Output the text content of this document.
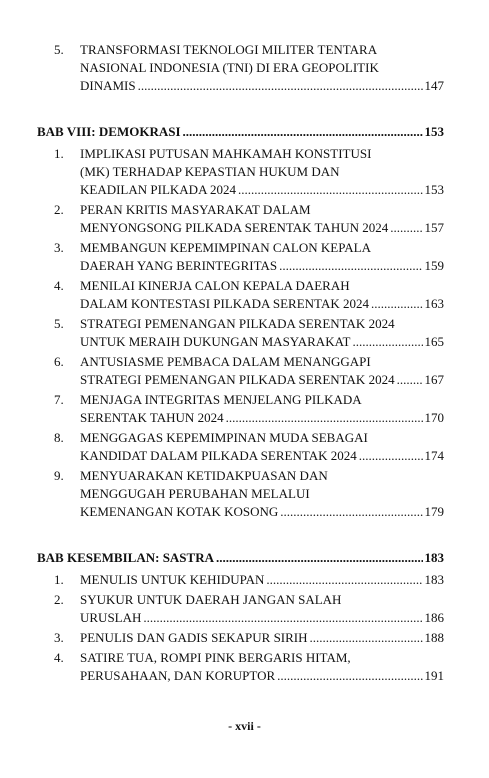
5. TRANSFORMASI TEKNOLOGI MILITER TENTARA
NASIONAL INDONESIA (TNI) DI ERA GEOPOLITIK
DINAMIS .....	147
BAB VIII: DEMOKRASI .....	153
1. IMPLIKASI PUTUSAN MAHKAMAH KONSTITUSI
(MK) TERHADAP KEPASTIAN HUKUM DAN
KEADILAN PILKADA 2024 .....	153
2. PERAN KRITIS MASYARAKAT DALAM
MENYONGSONG PILKADA SERENTAK TAHUN 2024 .....	157
3. MEMBANGUN KEPEMIMPINAN CALON KEPALA
DAERAH YANG BERINTEGRITAS .....	159
4. MENILAI KINERJA CALON KEPALA DAERAH
DALAM KONTESTASI PILKADA SERENTAK 2024 .....	163
5. STRATEGI PEMENANGAN PILKADA SERENTAK 2024
UNTUK MERAIH DUKUNGAN MASYARAKAT .....	165
6. ANTUSIASME PEMBACA DALAM MENANGGAPI
STRATEGI PEMENANGAN PILKADA SERENTAK 2024 ..... 167
7. MENJAGA INTEGRITAS MENJELANG PILKADA
SERENTAK TAHUN 2024 .....	170
8. MENGGAGAS KEPEMIMPINAN MUDA SEBAGAI
KANDIDAT DALAM PILKADA SERENTAK 2024 .....	174
9. MENYUARAKAN KETIDAKPUASAN DAN
MENGGUGAH PERUBAHAN MELALUI
KEMENANGAN KOTAK KOSONG .....	179
BAB KESEMBILAN: SASTRA .....	183
1. MENULIS UNTUK KEHIDUPAN .....	183
2. SYUKUR UNTUK DAERAH JANGAN SALAH
URUSLAH .....	186
3. PENULIS DAN GADIS SEKAPUR SIRIH .....	188
4. SATIRE TUA, ROMPI PINK BERGARIS HITAM,
PERUSAHAAN, DAN KORUPTOR .....	191
- xvii -
